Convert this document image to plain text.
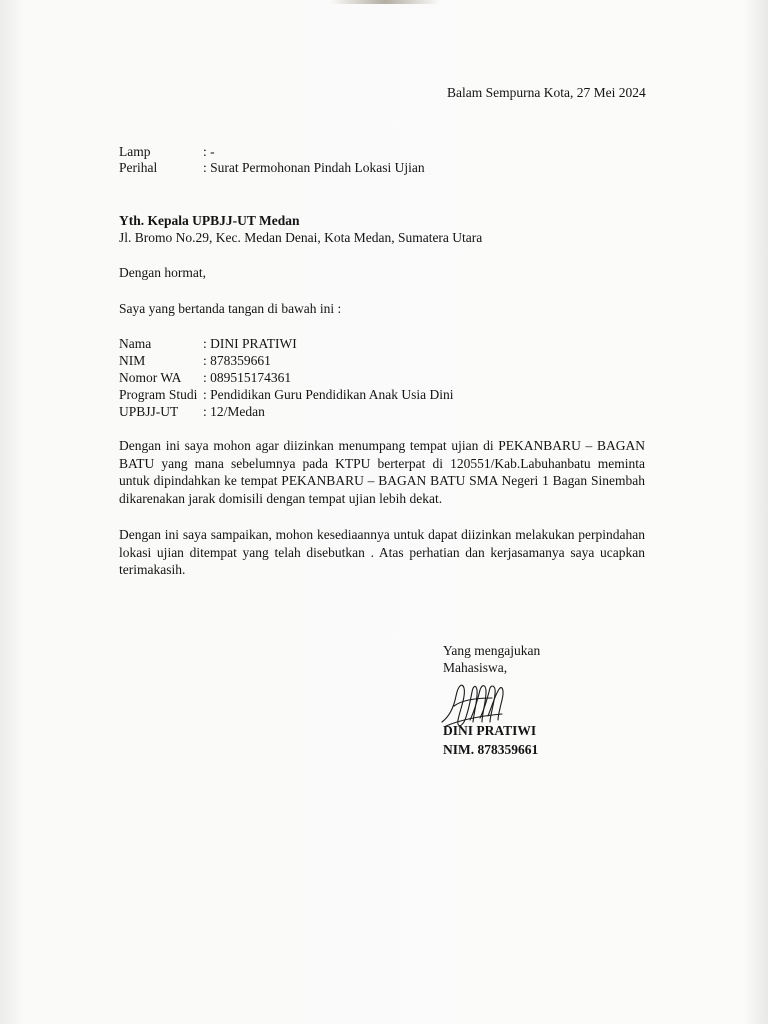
Balam Sempurna Kota, 27 Mei 2024
Lamp	: -
Perihal	: Surat Permohonan Pindah Lokasi Ujian
Yth. Kepala UPBJJ-UT Medan
Jl. Bromo No.29, Kec. Medan Denai, Kota Medan, Sumatera Utara
Dengan hormat,
Saya yang bertanda tangan di bawah ini :
Nama	: DINI PRATIWI
NIM	: 878359661
Nomor WA : 089515174361
Program Studi : Pendidikan Guru Pendidikan Anak Usia Dini
UPBJJ-UT : 12/Medan
Dengan ini saya mohon agar diizinkan menumpang tempat ujian di PEKANBARU – BAGAN
BATU yang mana sebelumnya pada KTPU berterpat di 120551/Kab.Labuhanbatu meminta
untuk dipindahkan ke tempat PEKANBARU – BAGAN BATU SMA Negeri 1 Bagan Sinembah
dikarenakan jarak domisili dengan tempat ujian lebih dekat.
Dengan ini saya sampaikan, mohon kesediaannya untuk dapat diizinkan melakukan perpindahan
lokasi ujian ditempat yang telah disebutkan . Atas perhatian dan kerjasamanya saya ucapkan
terimakasih.
Yang mengajukan
Mahasiswa,
DINI PRATIWI
NIM. 878359661
